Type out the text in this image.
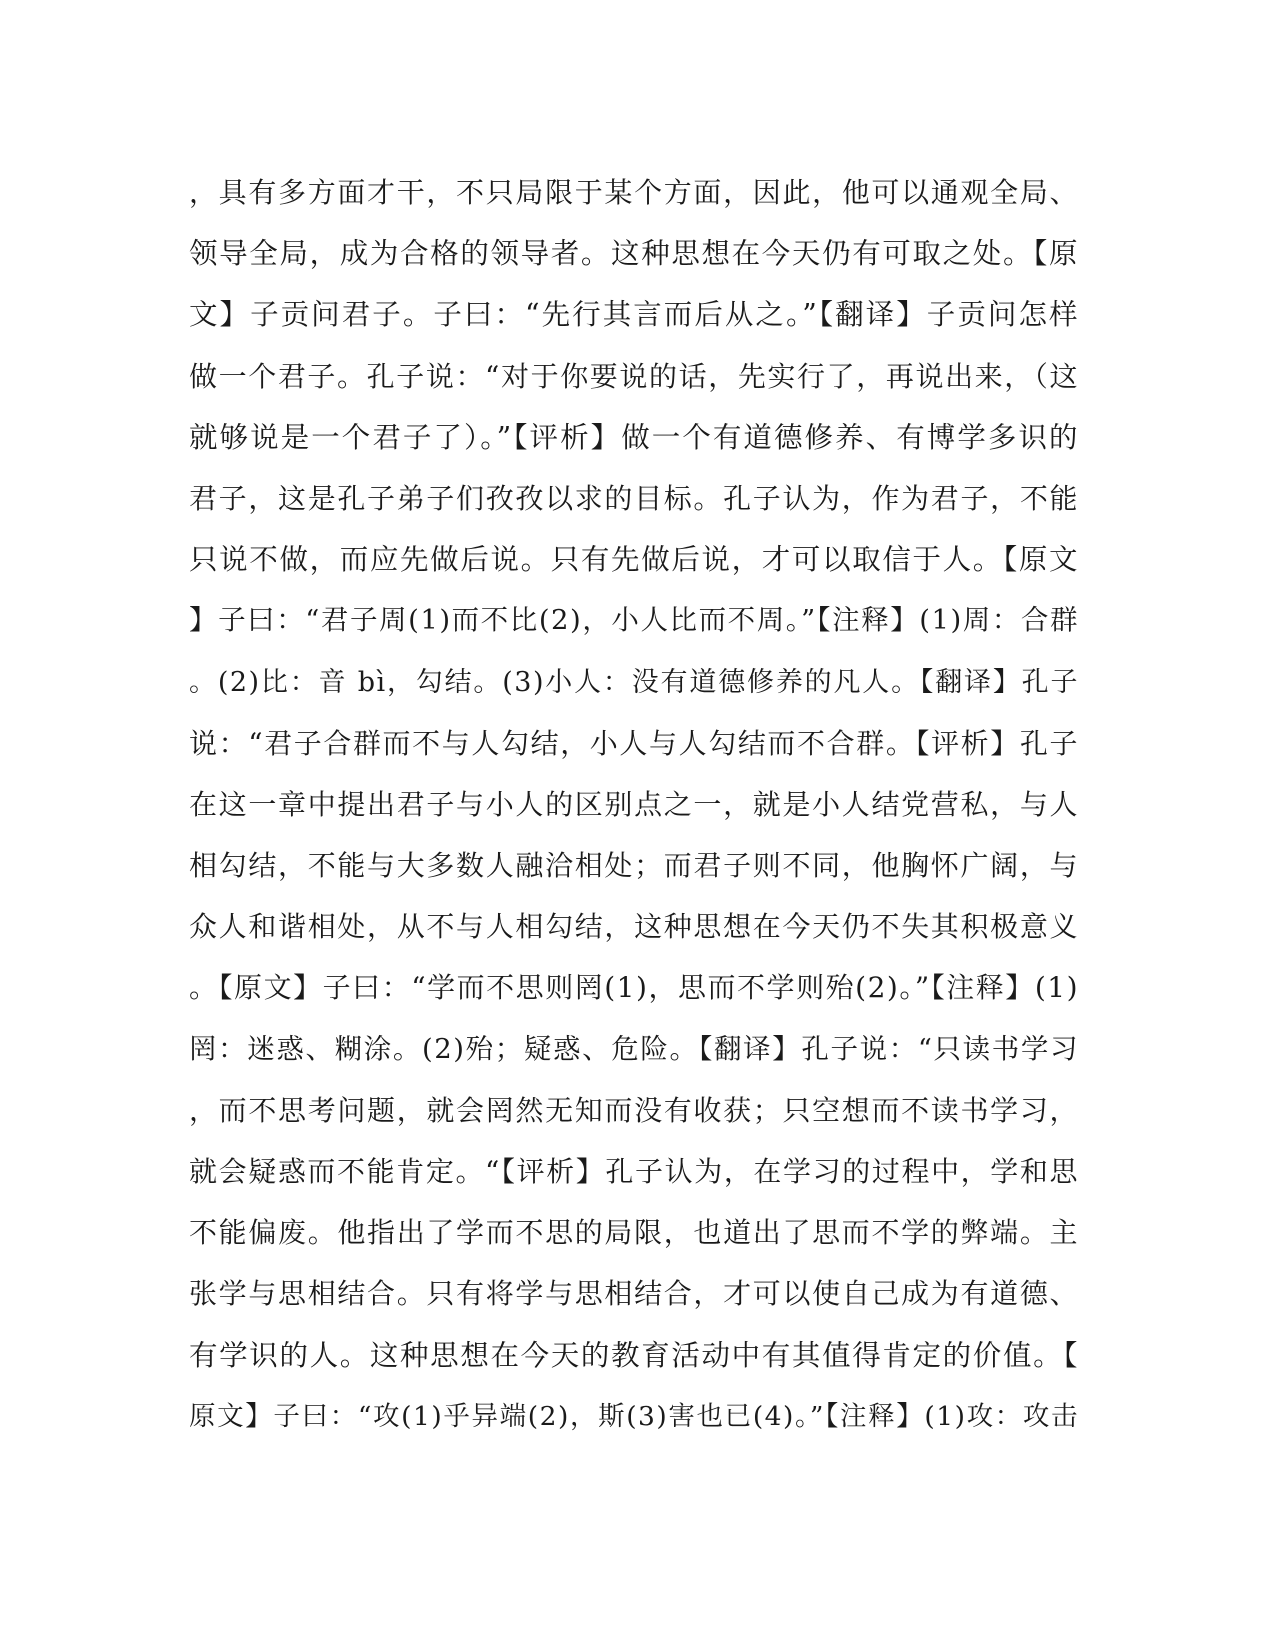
，具有多方面才干，不只局限于某个方面，因此，他可以通观全局、
领导全局，成为合格的领导者。这种思想在今天仍有可取之处。【原
文】子贡问君子。子曰：“先行其言而后从之。”【翻译】子贡问怎样
做一个君子。孔子说：“对于你要说的话，先实行了，再说出来，（这
就够说是一个君子了）。”【评析】做一个有道德修养、有博学多识的
君子，这是孔子弟子们孜孜以求的目标。孔子认为，作为君子，不能
只说不做，而应先做后说。只有先做后说，才可以取信于人。【原文
】子曰：“君子周(1)而不比(2)，小人比而不周。”【注释】(1)周：合群
。(2)比：音 bì，勾结。(3)小人：没有道德修养的凡人。【翻译】孔子
说：“君子合群而不与人勾结，小人与人勾结而不合群。【评析】孔子
在这一章中提出君子与小人的区别点之一，就是小人结党营私，与人
相勾结，不能与大多数人融洽相处；而君子则不同，他胸怀广阔，与
众人和谐相处，从不与人相勾结，这种思想在今天仍不失其积极意义
。【原文】子曰：“学而不思则罔(1)，思而不学则殆(2)。”【注释】(1)
罔：迷惑、糊涂。(2)殆；疑惑、危险。【翻译】孔子说：“只读书学习
，而不思考问题，就会罔然无知而没有收获；只空想而不读书学习，
就会疑惑而不能肯定。“【评析】孔子认为，在学习的过程中，学和思
不能偏废。他指出了学而不思的局限，也道出了思而不学的弊端。主
张学与思相结合。只有将学与思相结合，才可以使自己成为有道德、
有学识的人。这种思想在今天的教育活动中有其值得肯定的价值。【
原文】子曰：“攻(1)乎异端(2)，斯(3)害也已(4)。”【注释】(1)攻：攻击
